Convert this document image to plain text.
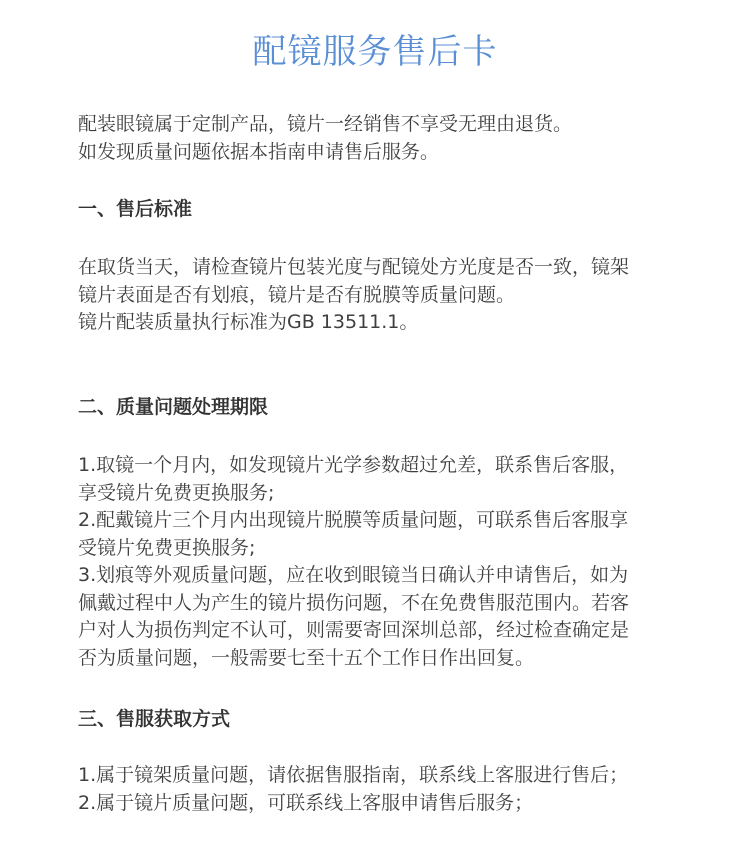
配镜服务售后卡

配装眼镜属于定制产品，镜片一经销售不享受无理由退货。

如发现质量问题依据本指南申请售后服务。

一、售后标准

在取货当天，请检查镜片包装光度与配镜处方光度是否一致，镜架

镜片表面是否有划痕，镜片是否有脱膜等质量问题。

镜片配装质量执行标准为GB 13511.1。

二、质量问题处理期限

1.取镜一个月内，如发现镜片光学参数超过允差，联系售后客服，

享受镜片免费更换服务;

2.配戴镜片三个月内出现镜片脱膜等质量问题，可联系售后客服享

受镜片免费更换服务;

3.划痕等外观质量问题，应在收到眼镜当日确认并申请售后，如为

佩戴过程中人为产生的镜片损伤问题，不在免费售服范围内。若客

户对人为损伤判定不认可，则需要寄回深圳总部，经过检查确定是

否为质量问题，一般需要七至十五个工作日作出回复。

三、售服获取方式

1.属于镜架质量问题，请依据售服指南，联系线上客服进行售后；

2.属于镜片质量问题，可联系线上客服申请售后服务；
